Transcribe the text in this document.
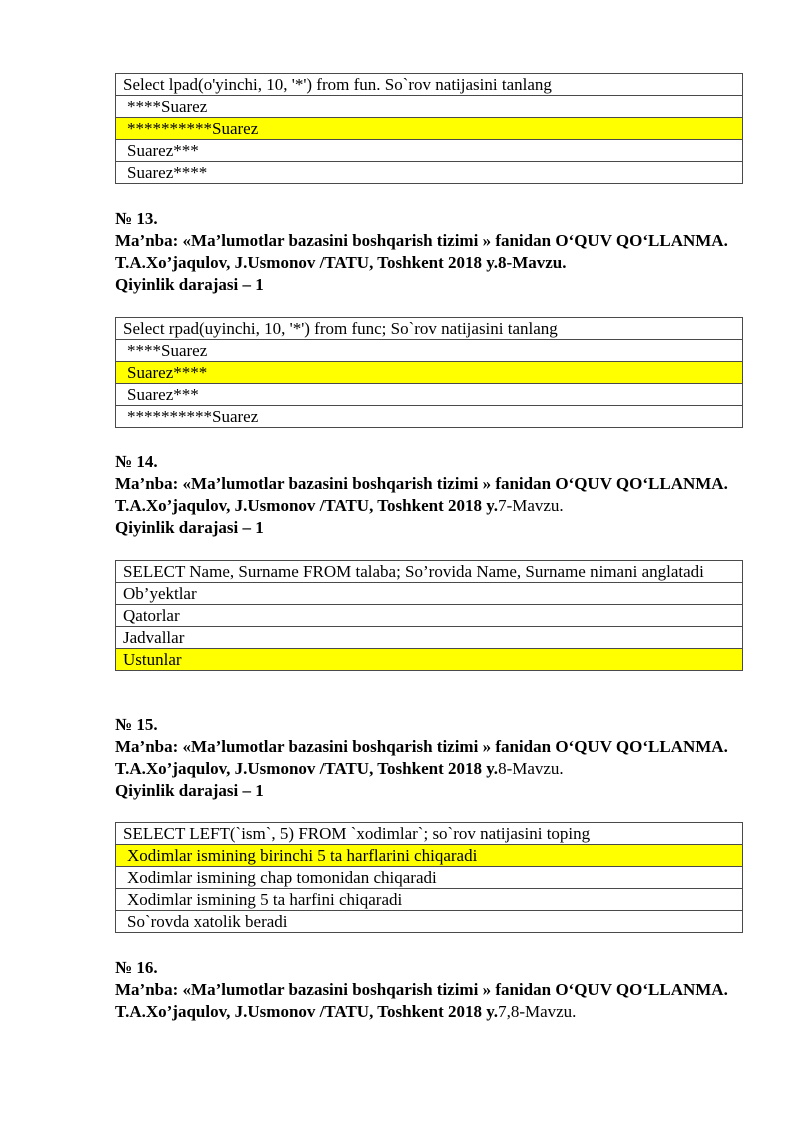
Select lpad(o'yinchi, 10, '*') from fun. So`rov natijasini tanlang
****Suarez
**********Suarez
Suarez***
Suarez****
№ 13.
Ma’nba: «Ma’lumotlar bazasini boshqarish tizimi » fanidan O‘QUV QO‘LLANMA. T.A.Xo’jaqulov, J.Usmonov /TATU, Toshkent 2018 y.8-Mavzu.
Qiyinlik darajasi – 1
Select rpad(uyinchi, 10, '*') from func; So`rov natijasini tanlang
****Suarez
Suarez****
Suarez***
**********Suarez
№ 14.
Ma’nba: «Ma’lumotlar bazasini boshqarish tizimi » fanidan O‘QUV QO‘LLANMA. T.A.Xo’jaqulov, J.Usmonov /TATU, Toshkent 2018 y.7-Mavzu.
Qiyinlik darajasi – 1
SELECT Name, Surname FROM talaba; So’rovida Name, Surname nimani anglatadi
Ob’yektlar
Qatorlar
Jadvallar
Ustunlar
№ 15.
Ma’nba: «Ma’lumotlar bazasini boshqarish tizimi » fanidan O‘QUV QO‘LLANMA. T.A.Xo’jaqulov, J.Usmonov /TATU, Toshkent 2018 y.8-Mavzu.
Qiyinlik darajasi – 1
SELECT LEFT(`ism`, 5) FROM `xodimlar`; so`rov natijasini toping
Xodimlar ismining birinchi 5 ta harflarini chiqaradi
Xodimlar ismining chap tomonidan chiqaradi
Xodimlar ismining 5 ta harfini chiqaradi
So`rovda xatolik beradi
№ 16.
Ma’nba: «Ma’lumotlar bazasini boshqarish tizimi » fanidan O‘QUV QO‘LLANMA. T.A.Xo’jaqulov, J.Usmonov /TATU, Toshkent 2018 y.7,8-Mavzu.
